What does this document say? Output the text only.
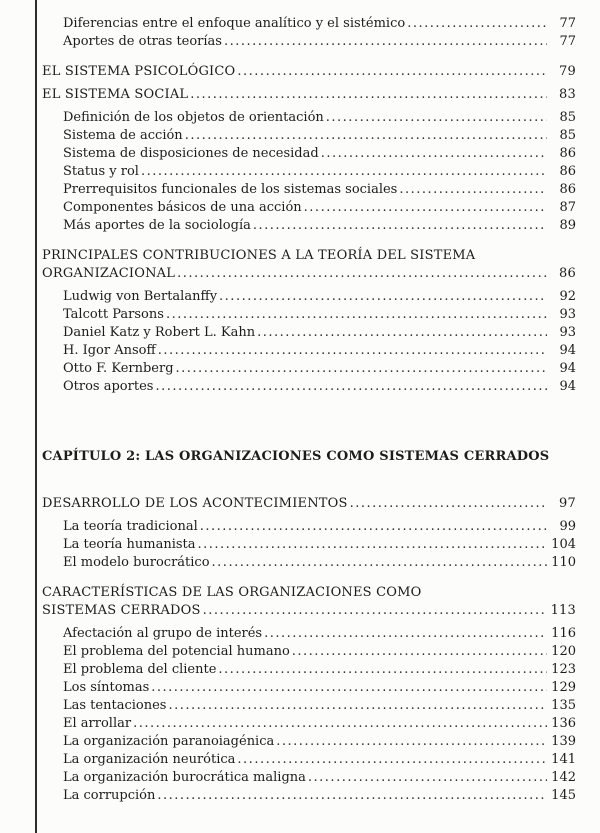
Diferencias entre el enfoque analítico y el sistémico .....	77
Aportes de otras teorías .....	77
EL SISTEMA PSICOLÓGICO .....	79
EL SISTEMA SOCIAL .....	83
Definición de los objetos de orientación .....	85
Sistema de acción .....	85
Sistema de disposiciones de necesidad .....	86
Status y rol .....	86
Prerrequisitos funcionales de los sistemas sociales .....	86
Componentes básicos de una acción .....	87
Más aportes de la sociología .....	89
PRINCIPALES CONTRIBUCIONES A LA TEORÍA DEL SISTEMA
ORGANIZACIONAL .....	86
Ludwig von Bertalanffy .....	92
Talcott Parsons .....	93
Daniel Katz y Robert L. Kahn .....	93
H. Igor Ansoff .....	94
Otto F. Kernberg .....	94
Otros aportes .....	94
CAPÍTULO 2: LAS ORGANIZACIONES COMO SISTEMAS CERRADOS
DESARROLLO DE LOS ACONTECIMIENTOS .....	97
La teoría tradicional .....	99
La teoría humanista .....	104
El modelo burocrático .....	110
CARACTERÍSTICAS DE LAS ORGANIZACIONES COMO
SISTEMAS CERRADOS .....	113
Afectación al grupo de interés .....	116
El problema del potencial humano .....	120
El problema del cliente .....	123
Los síntomas .....	129
Las tentaciones .....	135
El arrollar .....	136
La organización paranoiagénica .....	139
La organización neurótica .....	141
La organización burocrática maligna .....	142
La corrupción .....	145
